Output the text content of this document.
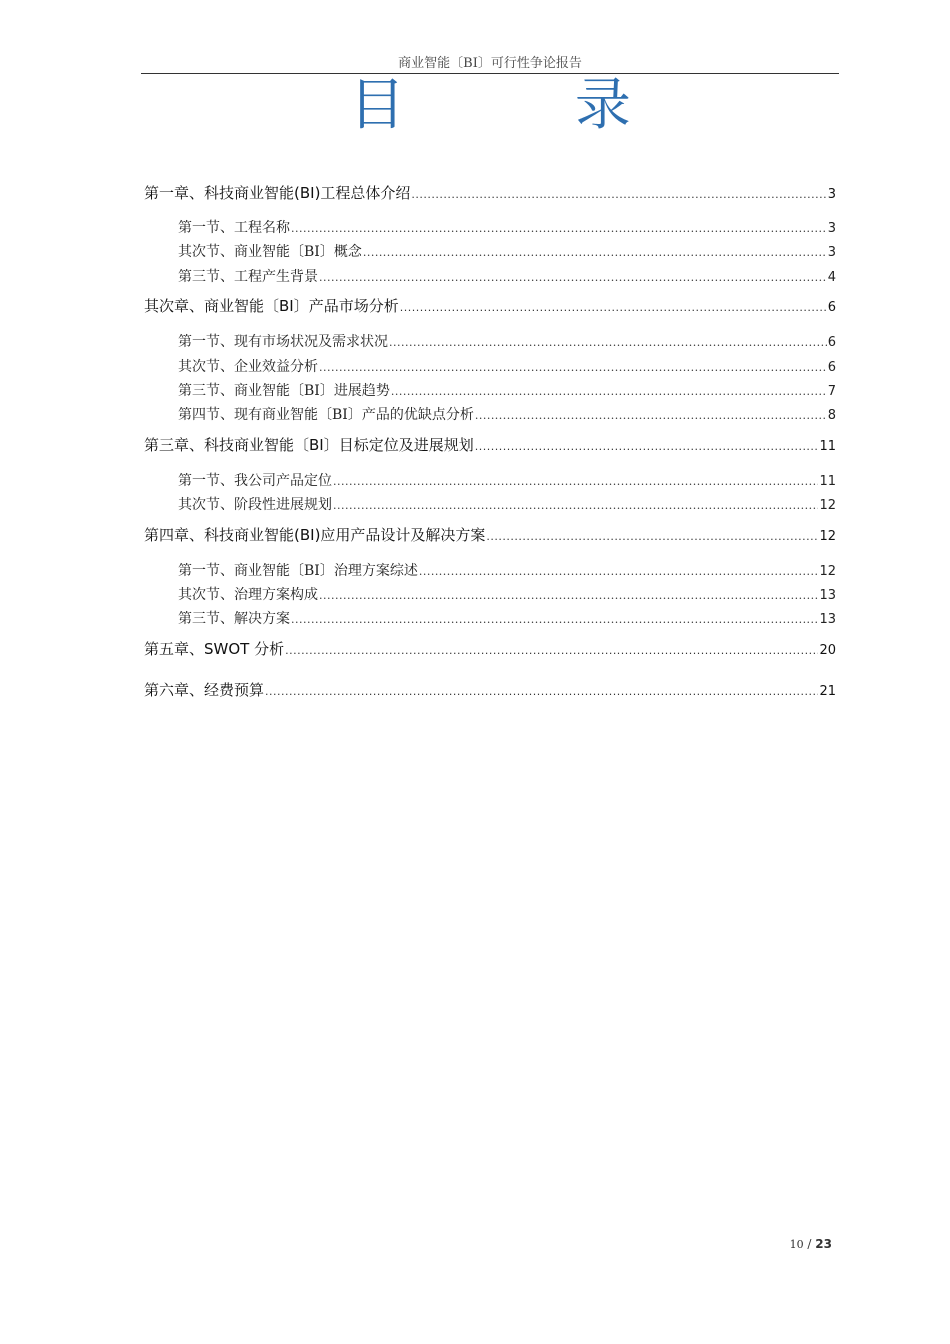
商业智能〔BI〕可行性争论报告
目 录
第一章、科技商业智能(BI)工程总体介绍 .....	3
第一节、工程名称 .....	3
其次节、商业智能〔BI〕概念 .....	3
第三节、工程产生背景 .....	4
其次章、商业智能〔BI〕产品市场分析 .....	6
第一节、现有市场状况及需求状况 .....	6
其次节、企业效益分析 .....	6
第三节、商业智能〔BI〕进展趋势 .....	7
第四节、现有商业智能〔BI〕产品的优缺点分析 .....	8
第三章、科技商业智能〔BI〕目标定位及进展规划 .....	11
第一节、我公司产品定位 .....	11
其次节、阶段性进展规划 .....	12
第四章、科技商业智能(BI)应用产品设计及解决方案 .....	12
第一节、商业智能〔BI〕治理方案综述 .....	12
其次节、治理方案构成 .....	13
第三节、解决方案 .....	13
第五章、SWOT 分析 .....	20
第六章、经费预算 .....	21
10 / 23
